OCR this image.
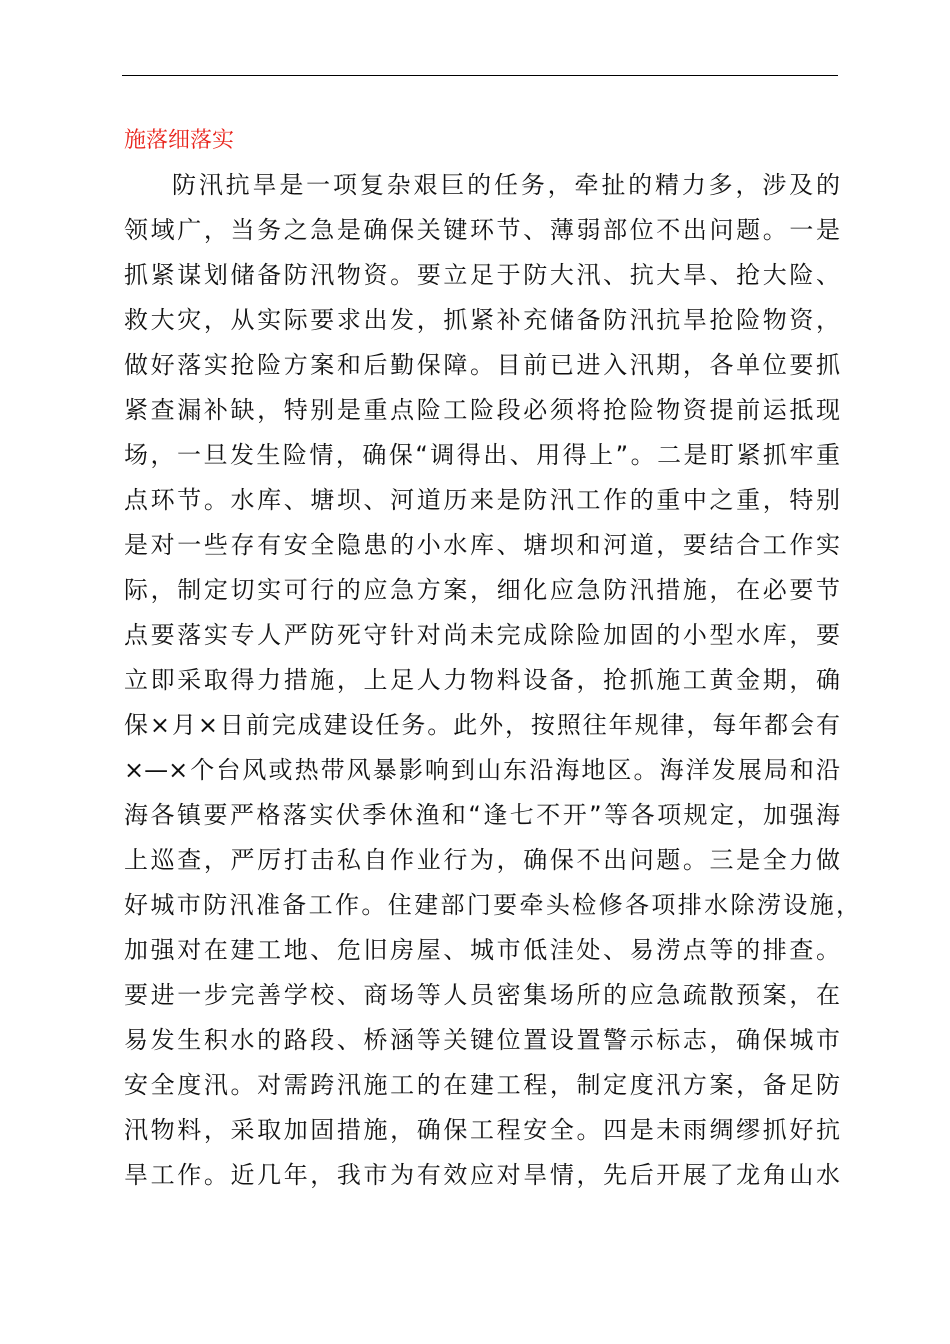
施落细落实
防汛抗旱是一项复杂艰巨的任务，牵扯的精力多，涉及的
领域广，当务之急是确保关键环节、薄弱部位不出问题。一是
抓紧谋划储备防汛物资。要立足于防大汛、抗大旱、抢大险、
救大灾，从实际要求出发，抓紧补充储备防汛抗旱抢险物资，
做好落实抢险方案和后勤保障。目前已进入汛期，各单位要抓
紧查漏补缺，特别是重点险工险段必须将抢险物资提前运抵现
场，一旦发生险情，确保“调得出、用得上”。二是盯紧抓牢重
点环节。水库、塘坝、河道历来是防汛工作的重中之重，特别
是对一些存有安全隐患的小水库、塘坝和河道，要结合工作实
际，制定切实可行的应急方案，细化应急防汛措施，在必要节
点要落实专人严防死守针对尚未完成除险加固的小型水库，要
立即采取得力措施，上足人力物料设备，抢抓施工黄金期，确
保×月×日前完成建设任务。此外，按照往年规律，每年都会有
×—×个台风或热带风暴影响到山东沿海地区。海洋发展局和沿
海各镇要严格落实伏季休渔和“逢七不开”等各项规定，加强海
上巡查，严厉打击私自作业行为，确保不出问题。三是全力做
好城市防汛准备工作。住建部门要牵头检修各项排水除涝设施，
加强对在建工地、危旧房屋、城市低洼处、易涝点等的排查。
要进一步完善学校、商场等人员密集场所的应急疏散预案，在
易发生积水的路段、桥涵等关键位置设置警示标志，确保城市
安全度汛。对需跨汛施工的在建工程，制定度汛方案，备足防
汛物料，采取加固措施，确保工程安全。四是未雨绸缪抓好抗
旱工作。近几年，我市为有效应对旱情，先后开展了龙角山水
